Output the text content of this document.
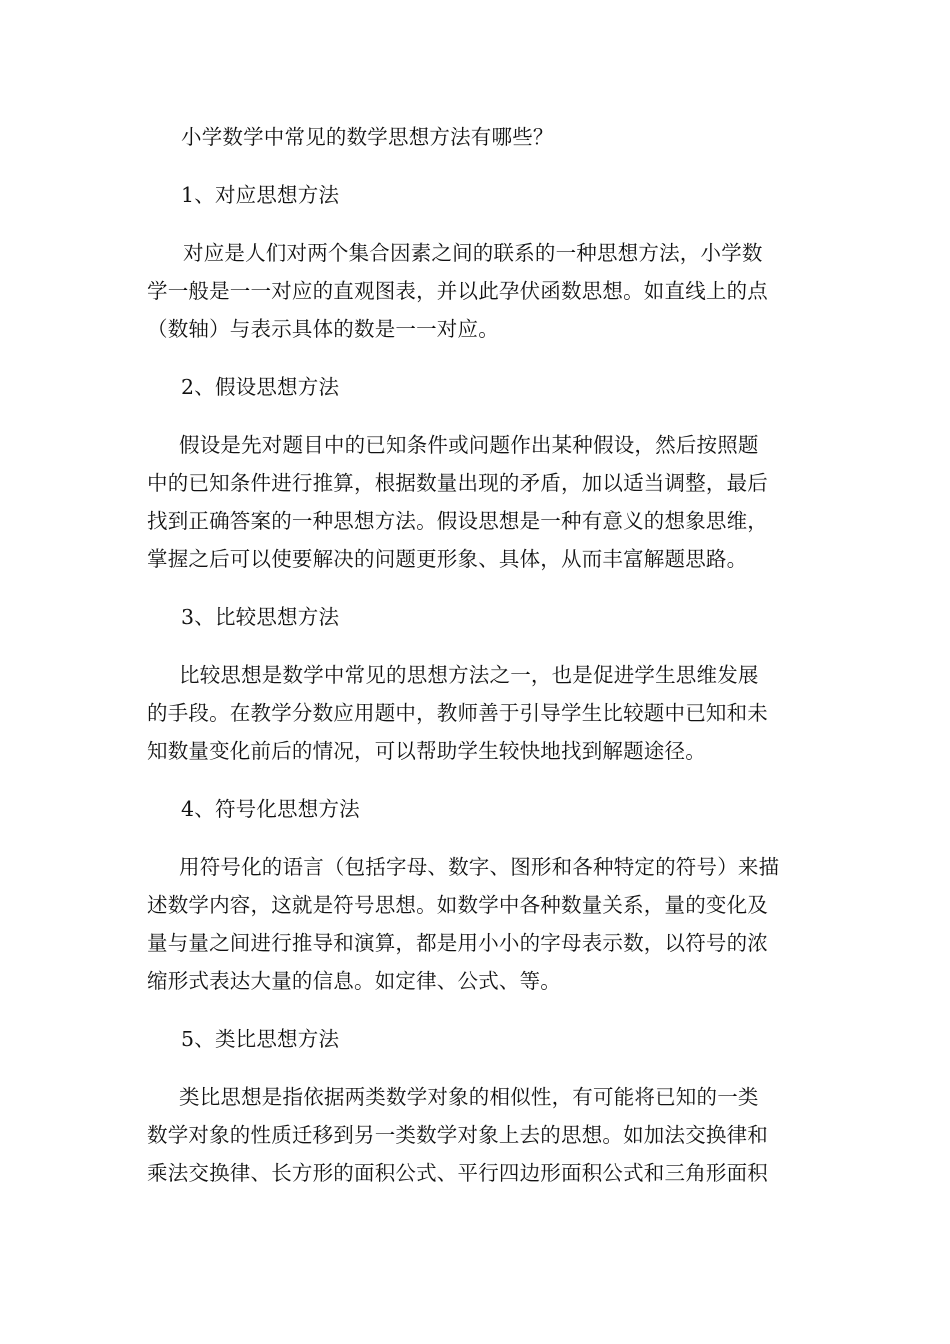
小学数学中常见的数学思想方法有哪些？

1、对应思想方法

对应是人们对两个集合因素之间的联系的一种思想方法，小学数

学一般是一一对应的直观图表，并以此孕伏函数思想。如直线上的点

（数轴）与表示具体的数是一一对应。

2、假设思想方法

假设是先对题目中的已知条件或问题作出某种假设，然后按照题

中的已知条件进行推算，根据数量出现的矛盾，加以适当调整，最后

找到正确答案的一种思想方法。假设思想是一种有意义的想象思维，

掌握之后可以使要解决的问题更形象、具体，从而丰富解题思路。

3、比较思想方法

比较思想是数学中常见的思想方法之一，也是促进学生思维发展

的手段。在教学分数应用题中，教师善于引导学生比较题中已知和未

知数量变化前后的情况，可以帮助学生较快地找到解题途径。

4、符号化思想方法

用符号化的语言（包括字母、数字、图形和各种特定的符号）来描

述数学内容，这就是符号思想。如数学中各种数量关系，量的变化及

量与量之间进行推导和演算，都是用小小的字母表示数，以符号的浓

缩形式表达大量的信息。如定律、公式、等。

5、类比思想方法

类比思想是指依据两类数学对象的相似性，有可能将已知的一类

数学对象的性质迁移到另一类数学对象上去的思想。如加法交换律和

乘法交换律、长方形的面积公式、平行四边形面积公式和三角形面积
